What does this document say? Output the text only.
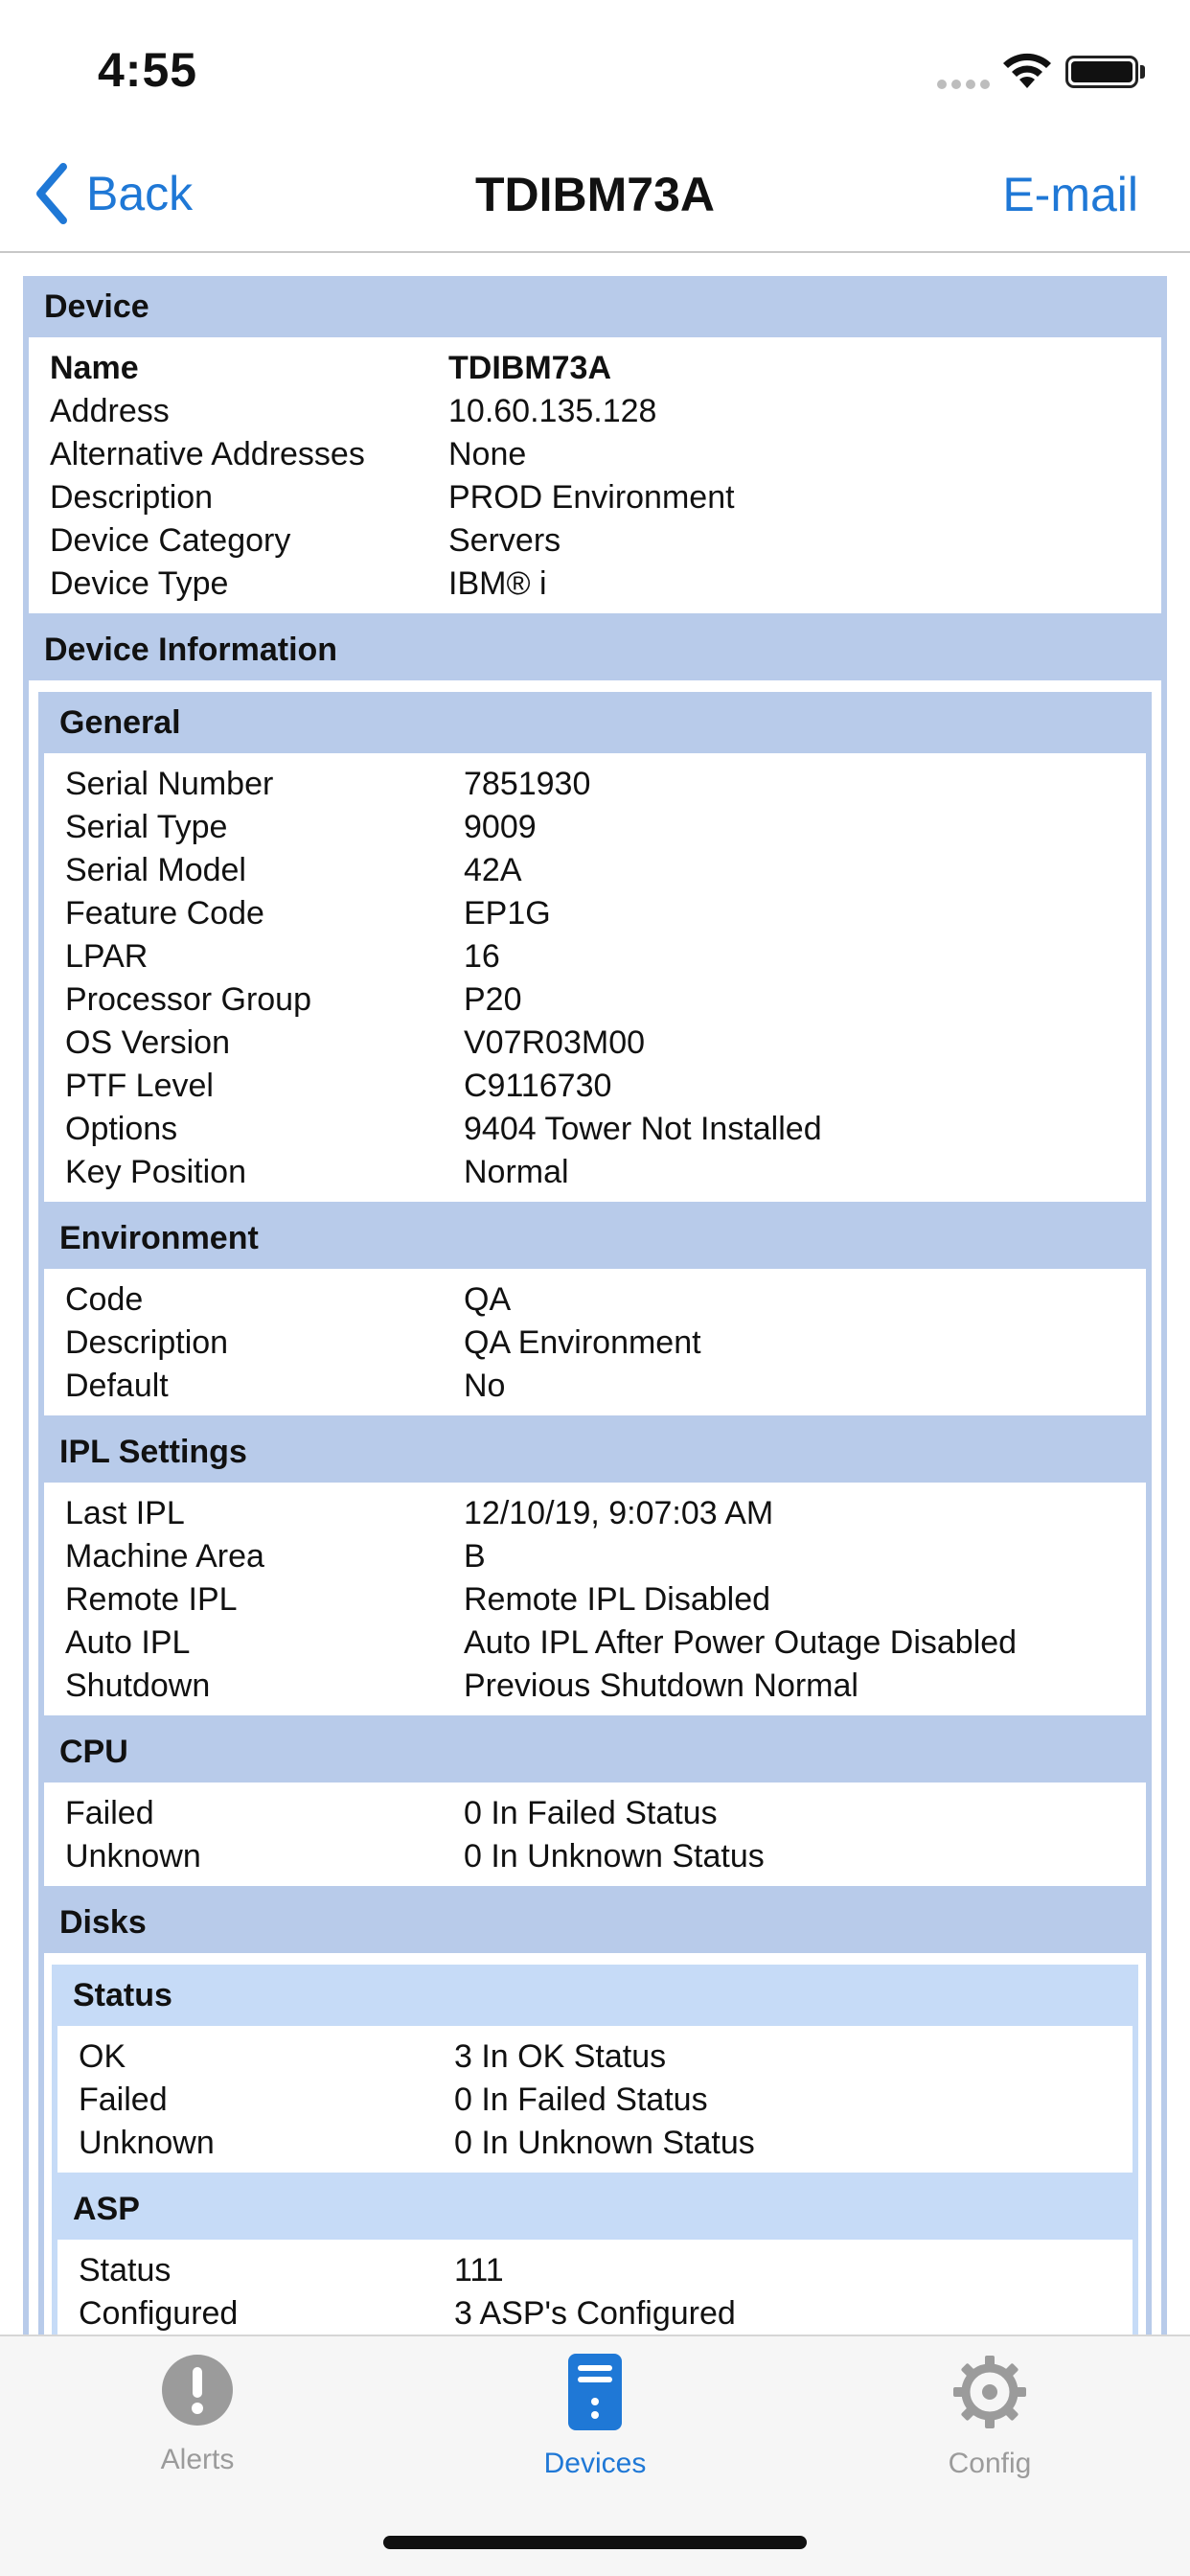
4:55
Back	TDIBM73A	E-mail
Device
Name	TDIBM73A
Address	10.60.135.128
Alternative Addresses	None
Description	PROD Environment
Device Category	Servers
Device Type	IBM® i
Device Information
General
Serial Number	7851930
Serial Type	9009
Serial Model	42A
Feature Code	EP1G
LPAR	16
Processor Group	P20
OS Version	V07R03M00
PTF Level	C9116730
Options	9404 Tower Not Installed
Key Position	Normal
Environment
Code	QA
Description	QA Environment
Default	No
IPL Settings
Last IPL	12/10/19, 9:07:03 AM
Machine Area	B
Remote IPL	Remote IPL Disabled
Auto IPL	Auto IPL After Power Outage Disabled
Shutdown	Previous Shutdown Normal
CPU
Failed	0 In Failed Status
Unknown	0 In Unknown Status
Disks
Status
OK	3 In OK Status
Failed	0 In Failed Status
Unknown	0 In Unknown Status
ASP
Status	111
Configured	3 ASP's Configured
Alerts	Devices	Config
